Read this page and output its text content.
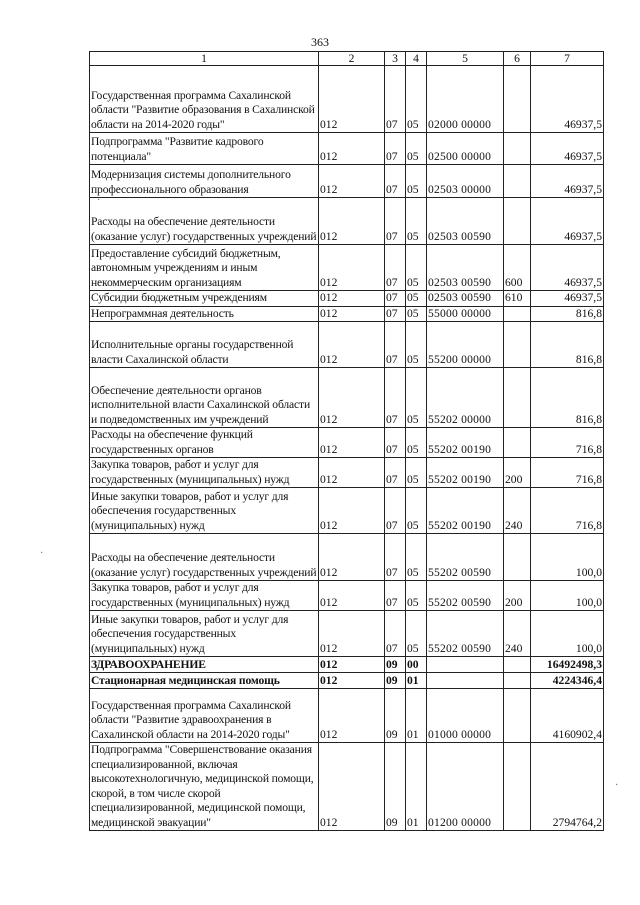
363
1	2	3	4	5	6	7
Государственная программа Сахалинской области "Развитие образования в Сахалинской области на 2014-2020 годы"	012	07	05	02000 00000		46937,5
Подпрограмма "Развитие кадрового потенциала"	012	07	05	02500 00000		46937,5
Модернизация системы дополнительного профессионального образования	012	07	05	02503 00000		46937,5
Расходы на обеспечение деятельности (оказание услуг) государственных учреждений	012	07	05	02503 00590		46937,5
Предоставление субсидий бюджетным, автономным учреждениям и иным некоммерческим организациям	012	07	05	02503 00590	600	46937,5
Субсидии бюджетным учреждениям	012	07	05	02503 00590	610	46937,5
Непрограммная деятельность	012	07	05	55000 00000		816,8
Исполнительные органы государственной власти Сахалинской области	012	07	05	55200 00000		816,8
Обеспечение деятельности органов исполнительной власти Сахалинской области и подведомственных им учреждений	012	07	05	55202 00000		816,8
Расходы на обеспечение функций государственных органов	012	07	05	55202 00190		716,8
Закупка товаров, работ и услуг для государственных (муниципальных) нужд	012	07	05	55202 00190	200	716,8
Иные закупки товаров, работ и услуг для обеспечения государственных (муниципальных) нужд	012	07	05	55202 00190	240	716,8
Расходы на обеспечение деятельности (оказание услуг) государственных учреждений	012	07	05	55202 00590		100,0
Закупка товаров, работ и услуг для государственных (муниципальных) нужд	012	07	05	55202 00590	200	100,0
Иные закупки товаров, работ и услуг для обеспечения государственных (муниципальных) нужд	012	07	05	55202 00590	240	100,0
ЗДРАВООХРАНЕНИЕ	012	09	00			16492498,3
Стационарная медицинская помощь	012	09	01			4224346,4
Государственная программа Сахалинской области "Развитие здравоохранения в Сахалинской области на 2014-2020 годы"	012	09	01	01000 00000		4160902,4
Подпрограмма "Совершенствование оказания специализированной, включая высокотехнологичную, медицинской помощи, скорой, в том числе скорой специализированной, медицинской помощи, медицинской эвакуации"	012	09	01	01200 00000		2794764,2
·
·
·
